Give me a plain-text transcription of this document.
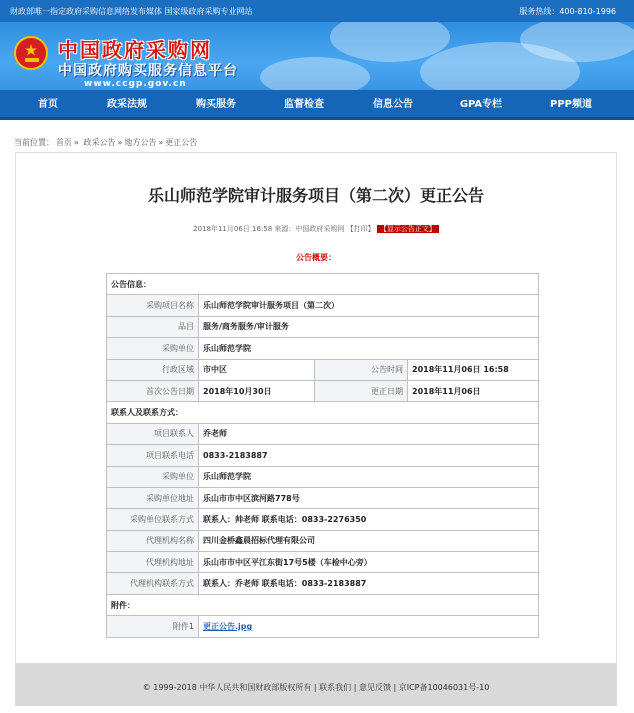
财政部唯一指定政府采购信息网络发布媒体 国家级政府采购专业网站	服务热线：400-810-1996
中国政府采购网
中国政府购买服务信息平台
www.ccgp.gov.cn
首页	政采法规	购买服务	监督检查	信息公告	GPA专栏	PPP频道
当前位置： 首页 » 政采公告 » 地方公告 » 更正公告
乐山师范学院审计服务项目（第二次）更正公告
2018年11月06日 16:58 来源：中国政府采购网 【打印】 【显示公告正文】
公告概要：
公告信息：			
采购项目名称	乐山师范学院审计服务项目（第二次）		
品目	服务/商务服务/审计服务		
采购单位	乐山师范学院		
行政区域	市中区	公告时间	2018年11月06日 16:58
首次公告日期	2018年10月30日	更正日期	2018年11月06日
联系人及联系方式：			
项目联系人	乔老师		
项目联系电话	0833-2183887		
采购单位	乐山师范学院		
采购单位地址	乐山市市中区滨河路778号		
采购单位联系方式	联系人：帅老师 联系电话：0833-2276350		
代理机构名称	四川金桥鑫晨招标代理有限公司		
代理机构地址	乐山市市中区平江东街17号5楼（车检中心旁）		
代理机构联系方式	联系人：乔老师 联系电话：0833-2183887		
附件：			
附件1	更正公告.jpg		
© 1999-2018 中华人民共和国财政部版权所有 | 联系我们 | 意见反馈 | 京ICP备10046031号-10
